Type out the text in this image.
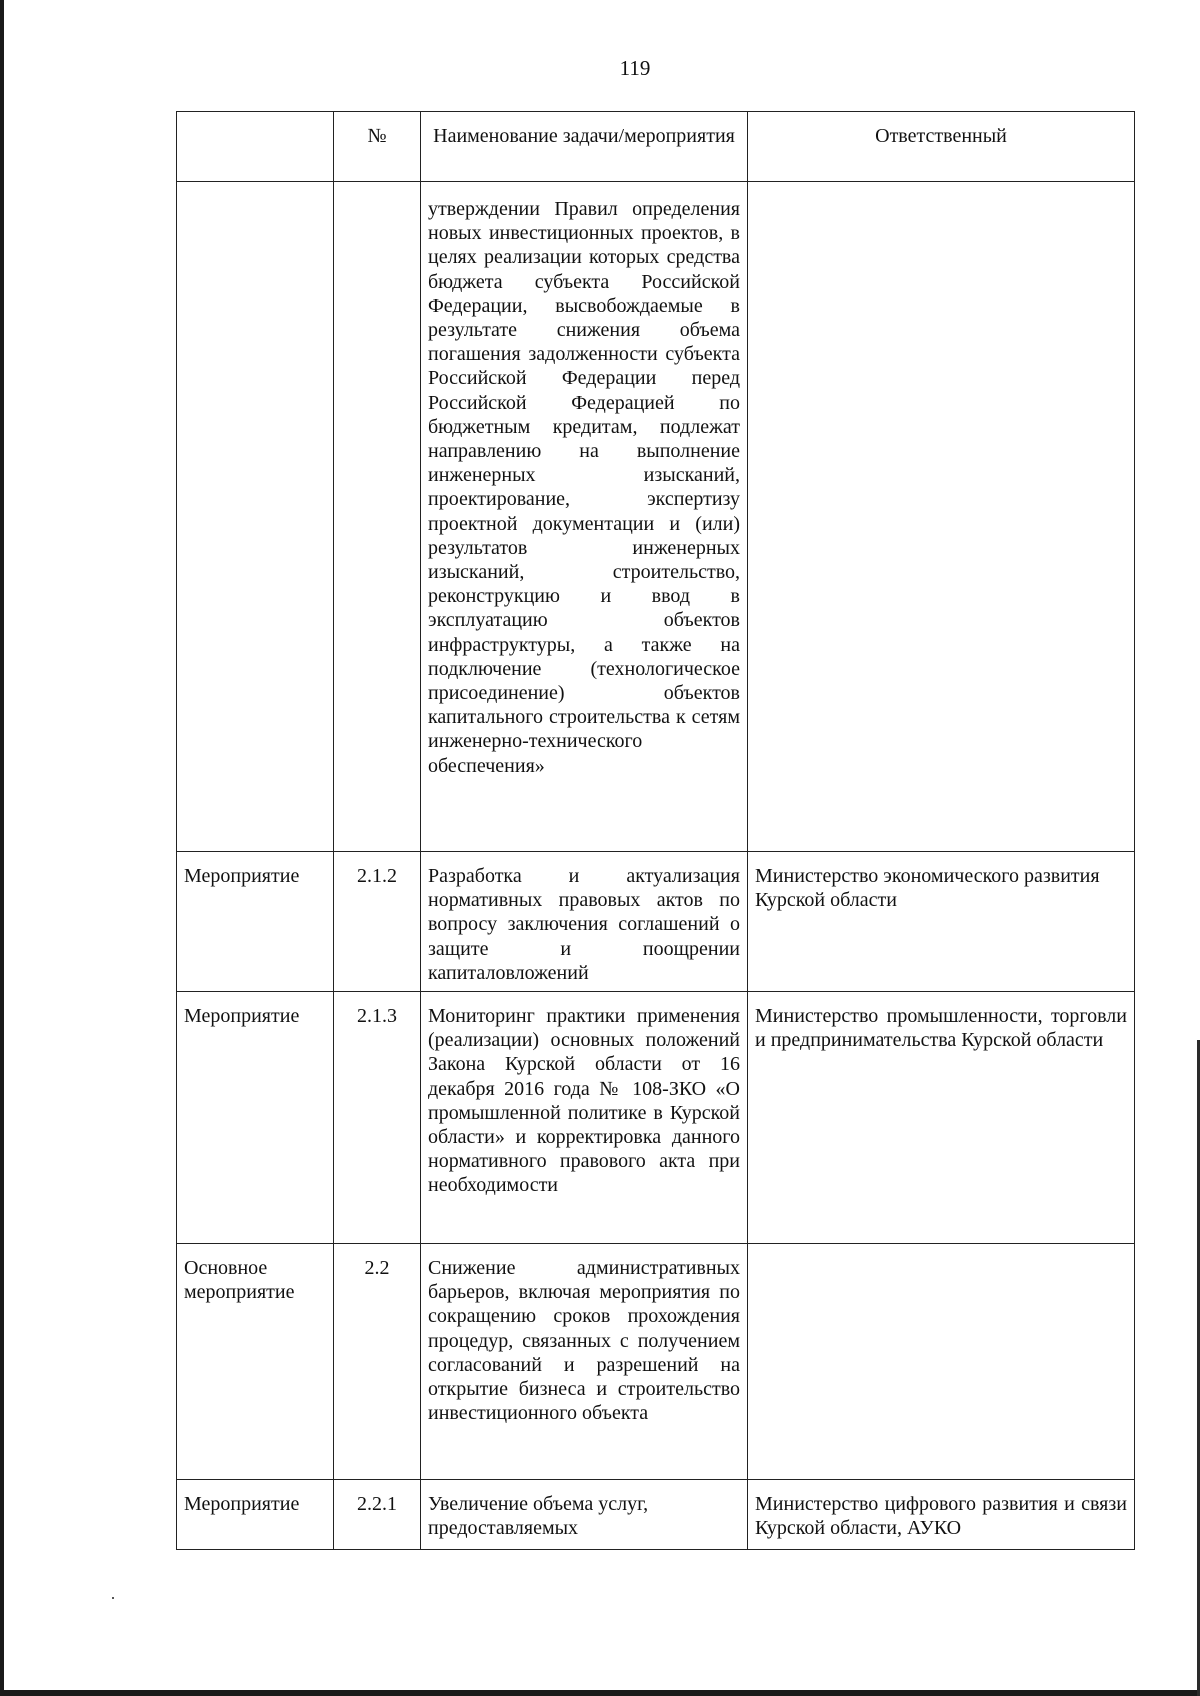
119
	№	Наименование задачи/мероприятия	Ответственный
		утверждении Правил определения новых инвестиционных проектов, в целях реализации которых средства бюджета субъекта Российской Федерации, высвобождаемые в результате снижения объема погашения задолженности субъекта Российской Федерации перед Российской Федерацией по бюджетным кредитам, подлежат направлению на выполнение инженерных изысканий, проектирование, экспертизу проектной документации и (или) результатов инженерных изысканий, строительство, реконструкцию и ввод в эксплуатацию объектов инфраструктуры, а также на подключение (технологическое присоединение) объектов капитального строительства к сетям инженерно-технического обеспечения»	
Мероприятие	2.1.2	Разработка и актуализация нормативных правовых актов по вопросу заключения соглашений о защите и поощрении капиталовложений	Министерство экономического развития Курской области
Мероприятие	2.1.3	Мониторинг практики применения (реализации) основных положений Закона Курской области от 16 декабря 2016 года № 108-ЗКО «О промышленной политике в Курской области» и корректировка данного нормативного правового акта при необходимости	Министерство промышленности, торговли и предпринимательства Курской области
Основное мероприятие	2.2	Снижение административных барьеров, включая мероприятия по сокращению сроков прохождения процедур, связанных с получением согласований и разрешений на открытие бизнеса и строительство инвестиционного объекта	
Мероприятие	2.2.1	Увеличение объема услуг, предоставляемых	Министерство цифрового развития и связи Курской области, АУКО
